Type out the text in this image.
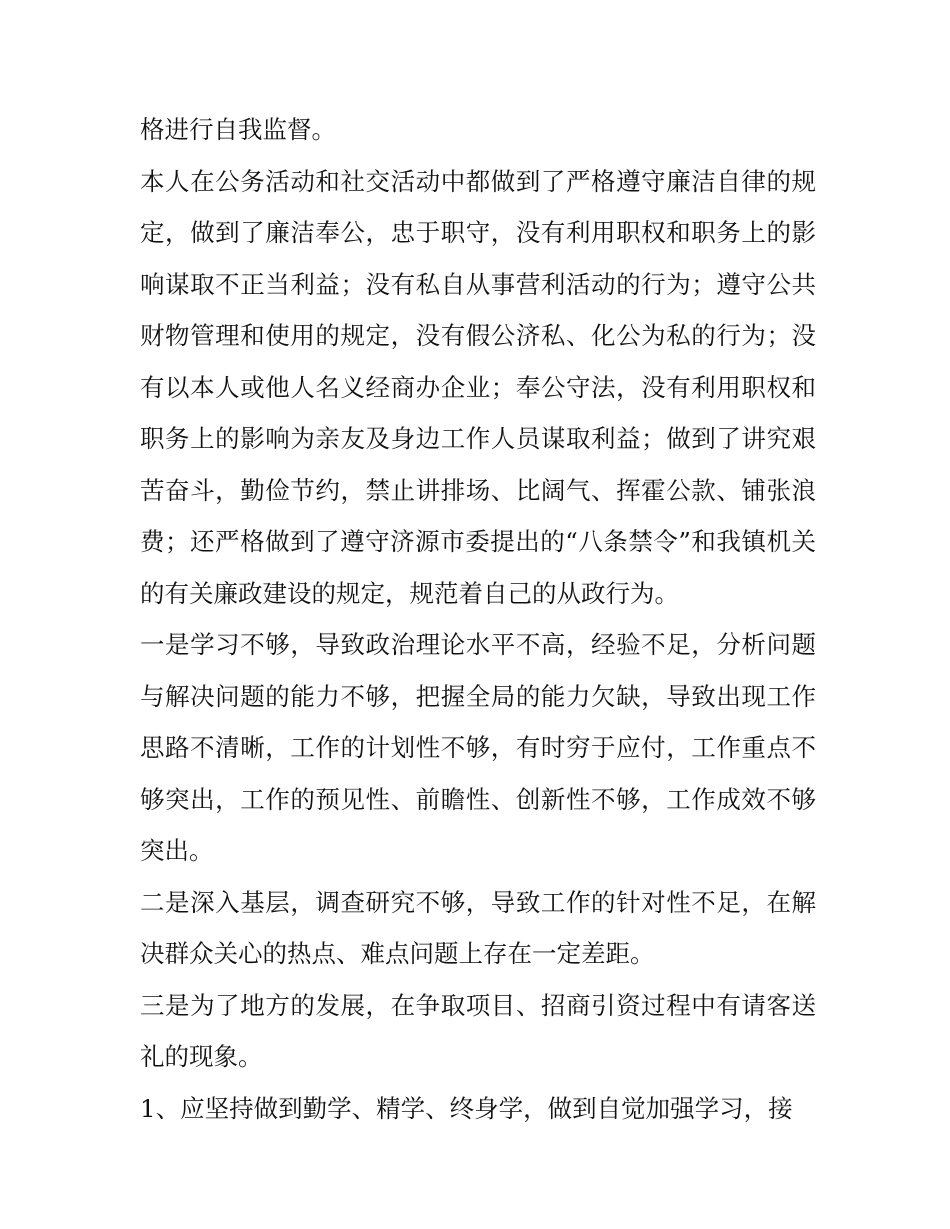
格进行自我监督。

本人在公务活动和社交活动中都做到了严格遵守廉洁自律的规定，做到了廉洁奉公，忠于职守，没有利用职权和职务上的影响谋取不正当利益；没有私自从事营利活动的行为；遵守公共财物管理和使用的规定，没有假公济私、化公为私的行为；没有以本人或他人名义经商办企业；奉公守法，没有利用职权和职务上的影响为亲友及身边工作人员谋取利益；做到了讲究艰苦奋斗，勤俭节约，禁止讲排场、比阔气、挥霍公款、铺张浪费；还严格做到了遵守济源市委提出的“八条禁令”和我镇机关的有关廉政建设的规定，规范着自己的从政行为。

一是学习不够，导致政治理论水平不高，经验不足，分析问题与解决问题的能力不够，把握全局的能力欠缺，导致出现工作思路不清晰，工作的计划性不够，有时穷于应付，工作重点不够突出，工作的预见性、前瞻性、创新性不够，工作成效不够突出。

二是深入基层，调查研究不够，导致工作的针对性不足，在解决群众关心的热点、难点问题上存在一定差距。

三是为了地方的发展，在争取项目、招商引资过程中有请客送礼的现象。

1、应坚持做到勤学、精学、终身学，做到自觉加强学习，接
